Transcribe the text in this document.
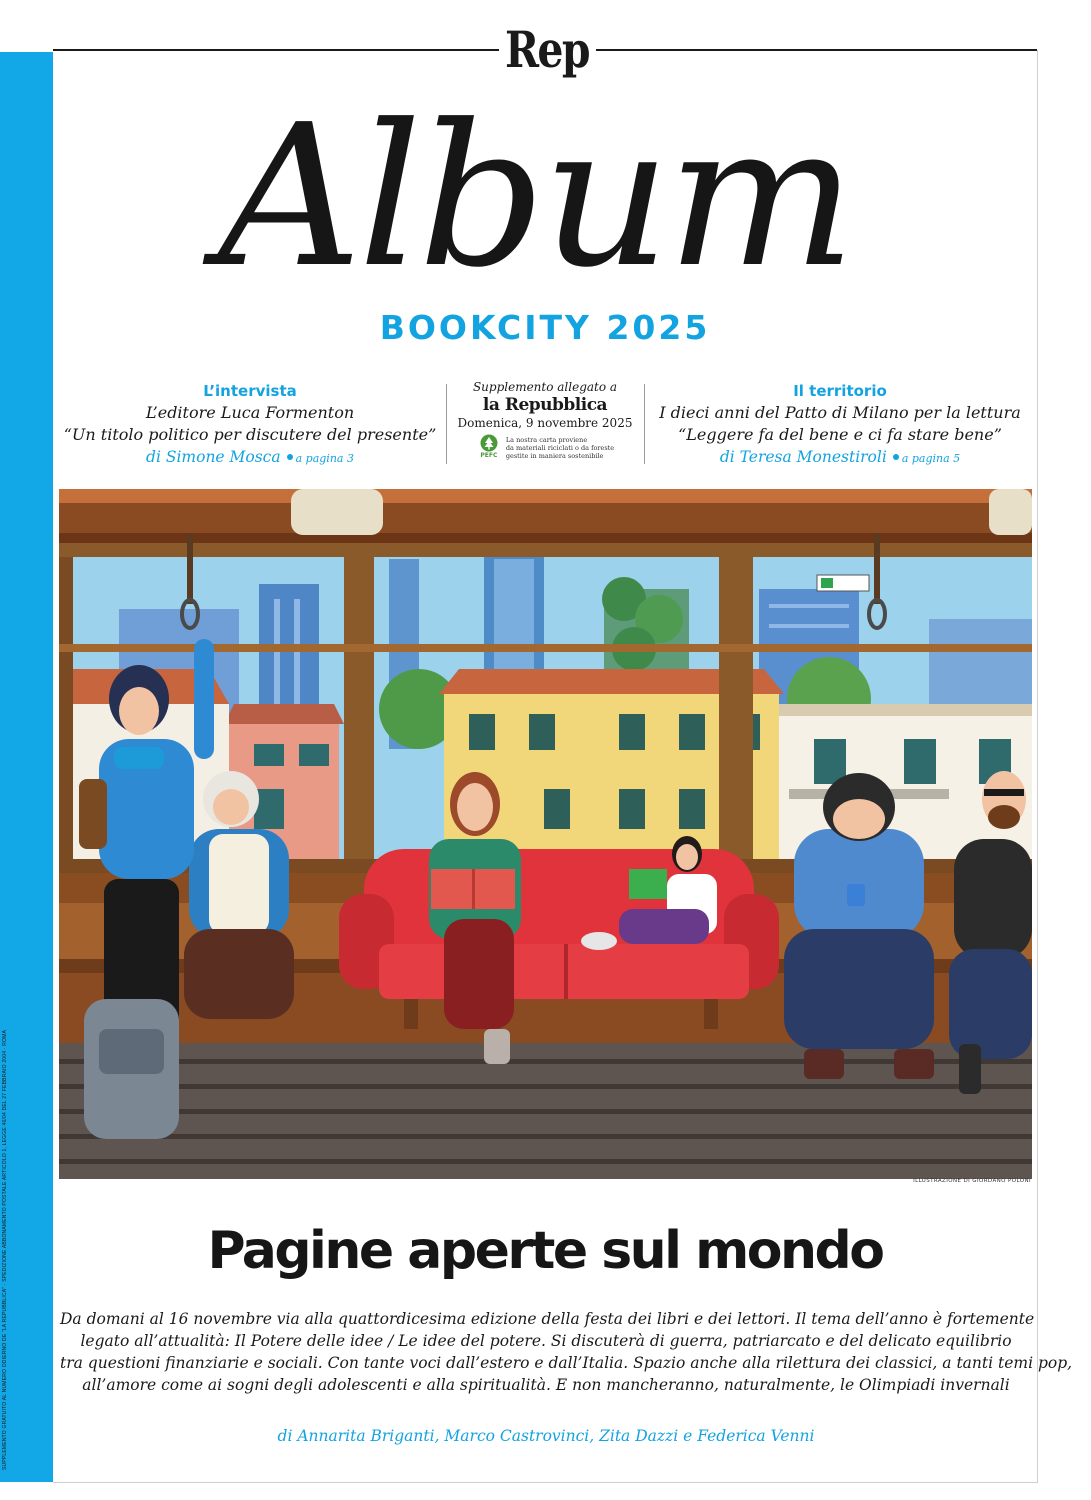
SUPPLEMENTO GRATUITO AL NUMERO ODIERNO DE “LA REPUBBLICA” · SPEDIZIONE ABBONAMENTO POSTALE ARTICOLO 1, LEGGE 46/04 DEL 27 FEBBRAIO 2004 · ROMA
Rep
Album
BOOKCITY 2025
L’intervista
L’editore Luca Formenton
“Un titolo politico per discutere del presente”
di Simone Mosca a pagina 3
Supplemento allegato a
la Repubblica
Domenica, 9 novembre 2025
PEFC
La nostra carta proviene
da materiali riciclati o da foreste
gestite in maniera sostenibile
Il territorio
I dieci anni del Patto di Milano per la lettura
“Leggere fa del bene e ci fa stare bene”
di Teresa Monestiroli a pagina 5
ILLUSTRAZIONE DI GIORDANO POLONI
Pagine aperte sul mondo
Da domani al 16 novembre via alla quattordicesima edizione della festa dei libri e dei lettori. Il tema dell’anno è fortemente
legato all’attualità: Il Potere delle idee / Le idee del potere. Si discuterà di guerra, patriarcato e del delicato equilibrio
tra questioni finanziarie e sociali. Con tante voci dall’estero e dall’Italia. Spazio anche alla rilettura dei classici, a tanti temi pop,
all’amore come ai sogni degli adolescenti e alla spiritualità. E non mancheranno, naturalmente, le Olimpiadi invernali
di Annarita Briganti, Marco Castrovinci, Zita Dazzi e Federica Venni
